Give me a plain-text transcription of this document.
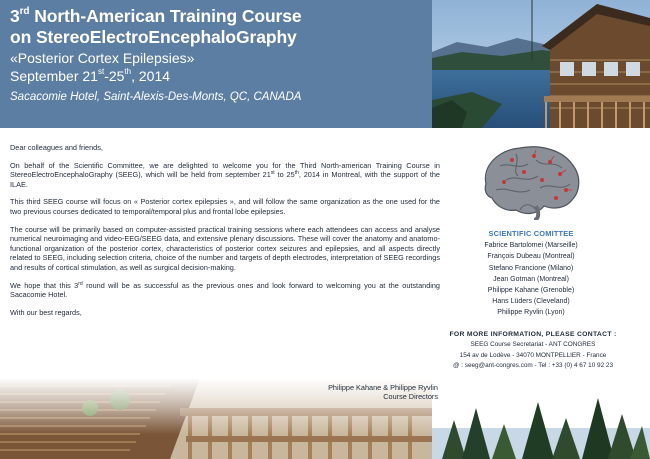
3rd North-American Training Course
on StereoElectroEncephaloGraphy
«Posterior Cortex Epilepsies»
September 21st-25th, 2014
Sacacomie Hotel, Saint-Alexis-Des-Monts, QC, CANADA

Dear colleagues and friends,

On behalf of the Scientific Committee, we are delighted to welcome you for the Third North-american Training Course in StereoElectroEncephaloGraphy (SEEG), which will be held from september 21st to 25th, 2014 in Montreal, with the support of the ILAE.

This third SEEG course will focus on « Posterior cortex epilepsies », and will follow the same organization as the one used for the two previous courses dedicated to temporal/temporal plus and frontal lobe epilepsies.

The course will be primarily based on computer-assisted practical training sessions where each attendees can access and analyse numerical neuroimaging and video-EEG/SEEG data, and extensive plenary discussions. These will cover the anatomy and anatomo-functional organization of the posterior cortex, characteristics of posterior cortex seizures and epilepsies, and all aspects directly related to SEEG, including selection criteria, choice of the number and targets of depth electrodes, interpretation of SEEG recordings and results of cortical stimulation, as well as surgical decision-making.

We hope that this 3rd round will be as successful as the previous ones and look forward to welcoming you at the outstanding Sacacomie Hotel.

With our best regards,

SCIENTIFIC COMITTEE
Fabrice Bartolomei (Marseille)
François Dubeau (Montreal)
Stefano Francione (Milano)
Jean Gotman (Montreal)
Philippe Kahane (Grenoble)
Hans Lüders (Cleveland)
Philippe Ryvlin (Lyon)
FOR MORE INFORMATION, PLEASE CONTACT :
SEEG Course Secretariat - ANT CONGRES
154 av de Lodève - 34070 MONTPELLIER - France
@ : seeg@ant-congres.com - Tel : +33 (0) 4 67 10 92 23
Philippe Kahane & Philippe Ryvlin
Course Directors
